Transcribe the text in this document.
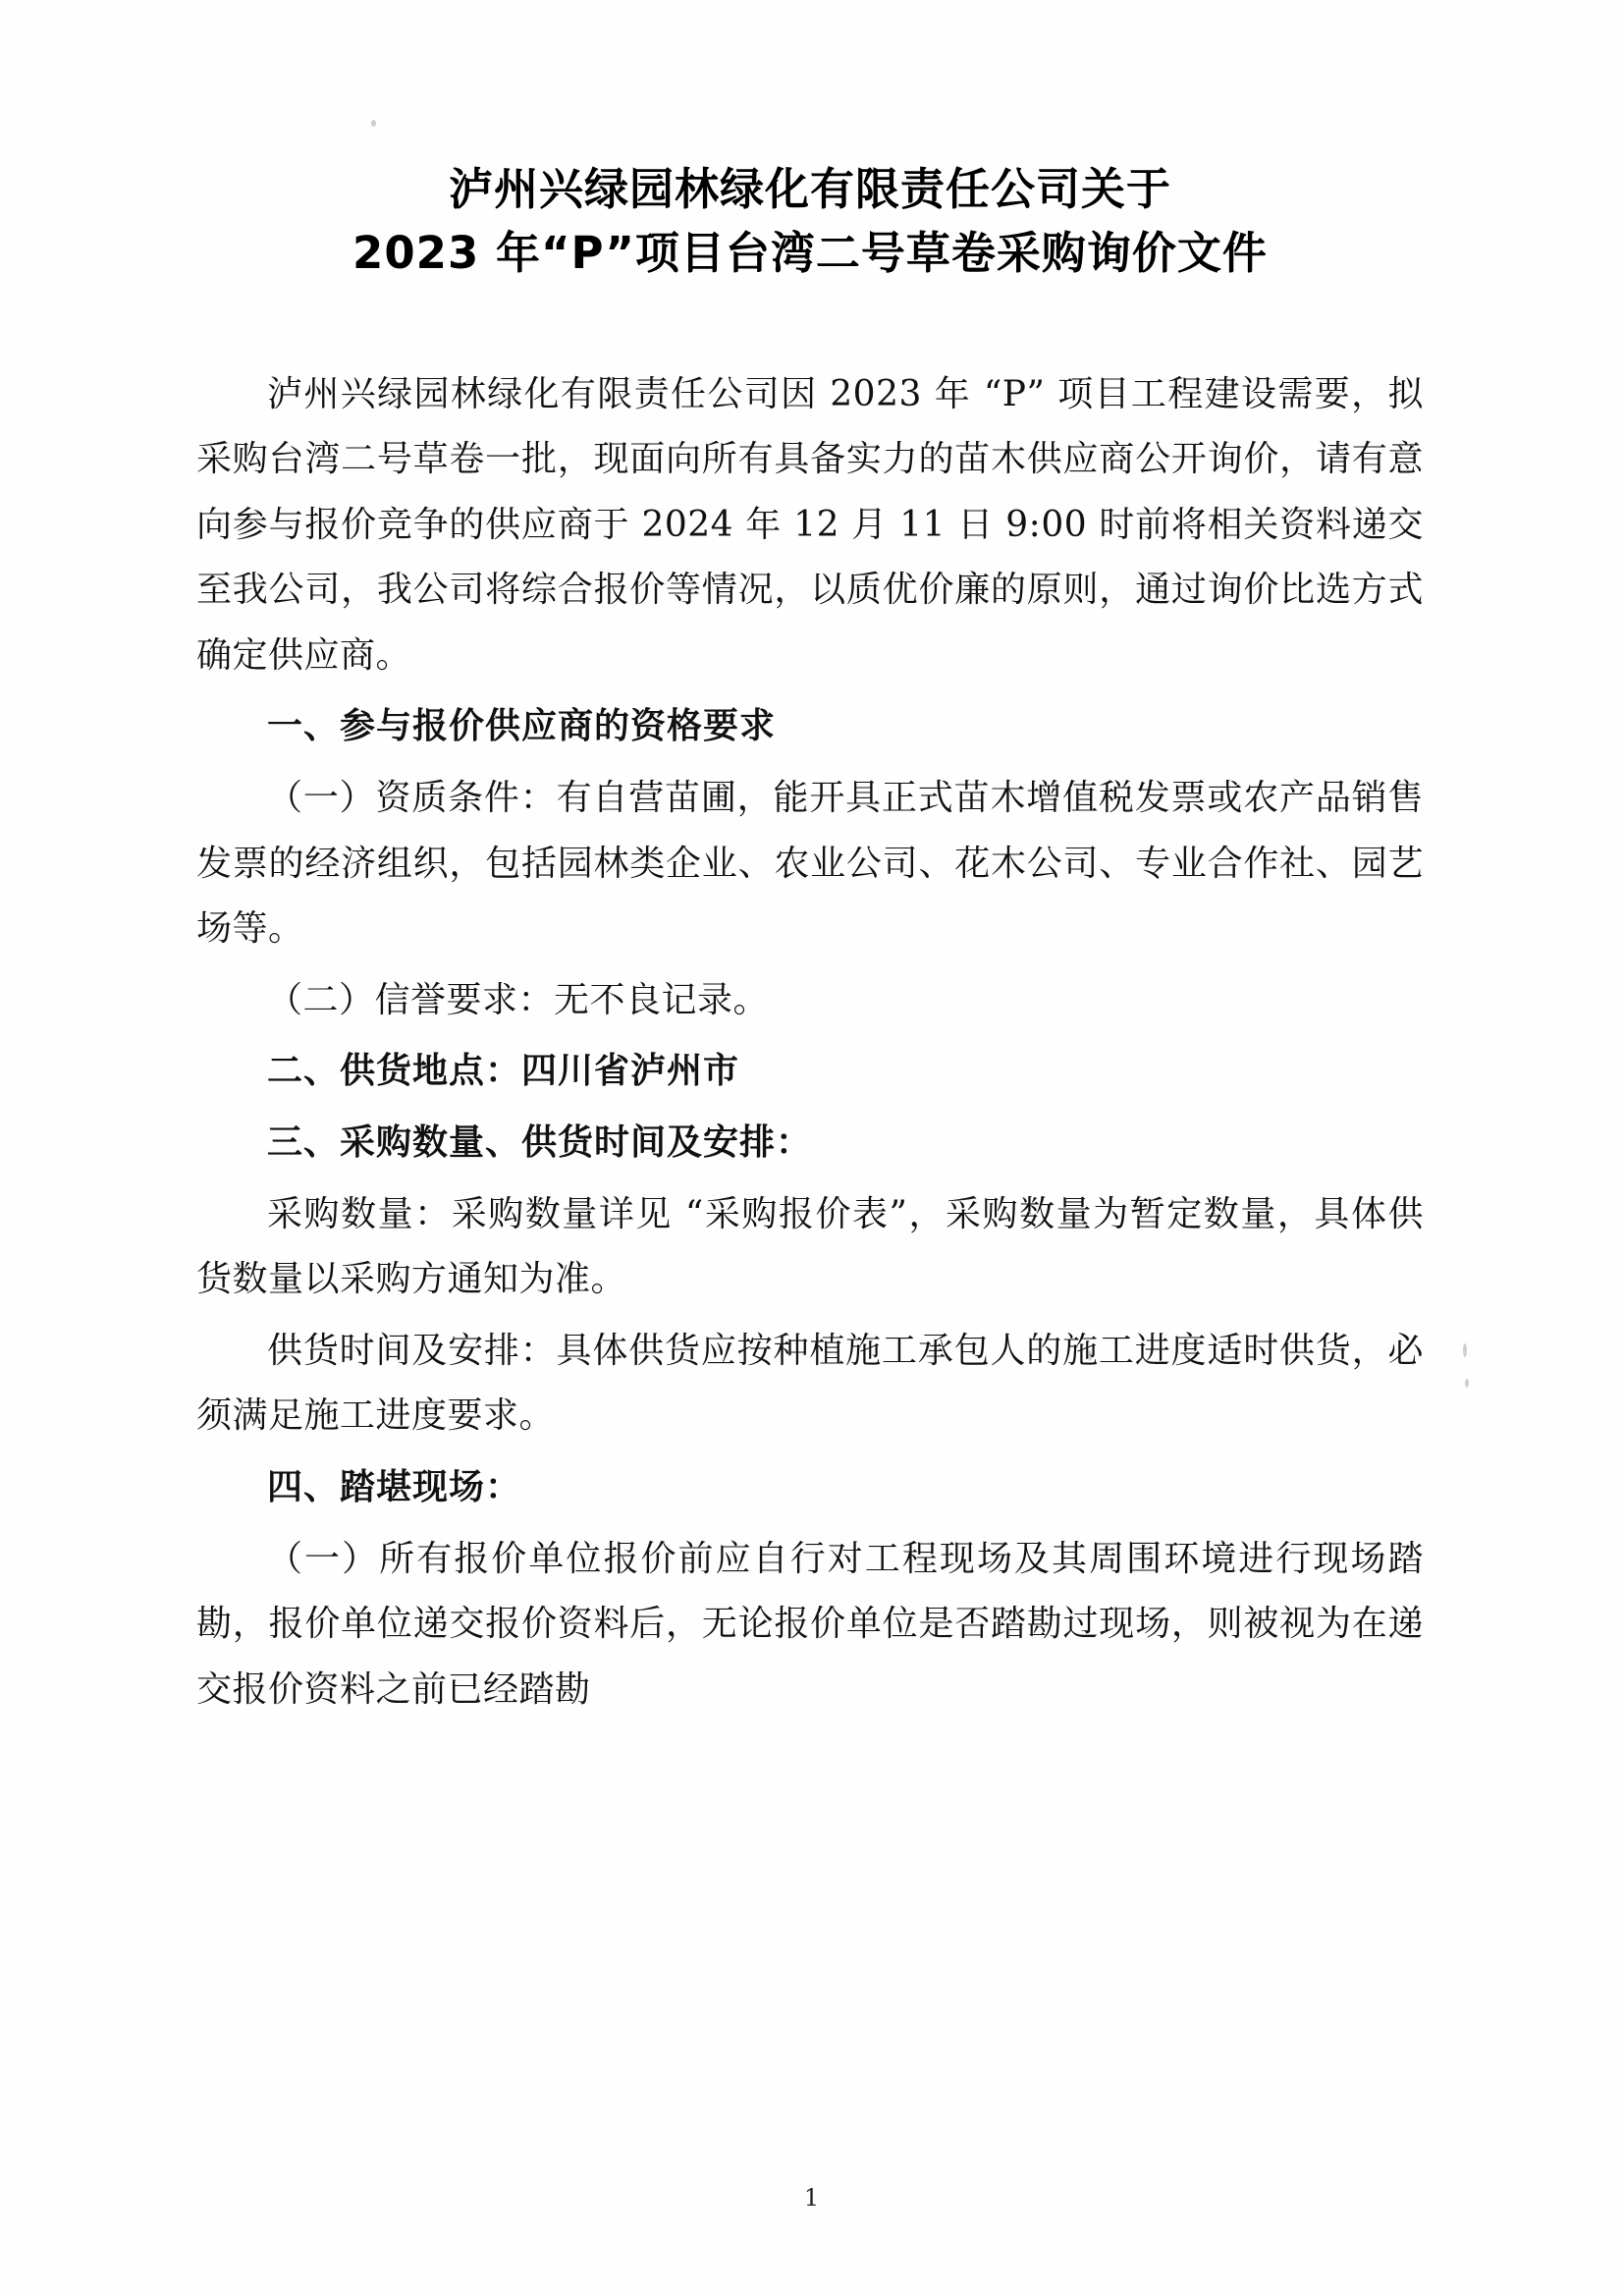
泸州兴绿园林绿化有限责任公司关于
2023 年“P”项目台湾二号草卷采购询价文件

泸州兴绿园林绿化有限责任公司因 2023 年 “P” 项目工程建设需要，拟采购台湾二号草卷一批，现面向所有具备实力的苗木供应商公开询价，请有意向参与报价竞争的供应商于 2024 年 12 月 11 日 9:00 时前将相关资料递交至我公司，我公司将综合报价等情况，以质优价廉的原则，通过询价比选方式确定供应商。

一、参与报价供应商的资格要求

（一）资质条件：有自营苗圃，能开具正式苗木增值税发票或农产品销售发票的经济组织，包括园林类企业、农业公司、花木公司、专业合作社、园艺场等。

（二）信誉要求：无不良记录。

二、供货地点：四川省泸州市

三、采购数量、供货时间及安排：

采购数量：采购数量详见 “采购报价表”，采购数量为暂定数量，具体供货数量以采购方通知为准。

供货时间及安排：具体供货应按种植施工承包人的施工进度适时供货，必须满足施工进度要求。

四、踏堪现场：

（一）所有报价单位报价前应自行对工程现场及其周围环境进行现场踏勘，报价单位递交报价资料后，无论报价单位是否踏勘过现场，则被视为在递交报价资料之前已经踏勘

1
